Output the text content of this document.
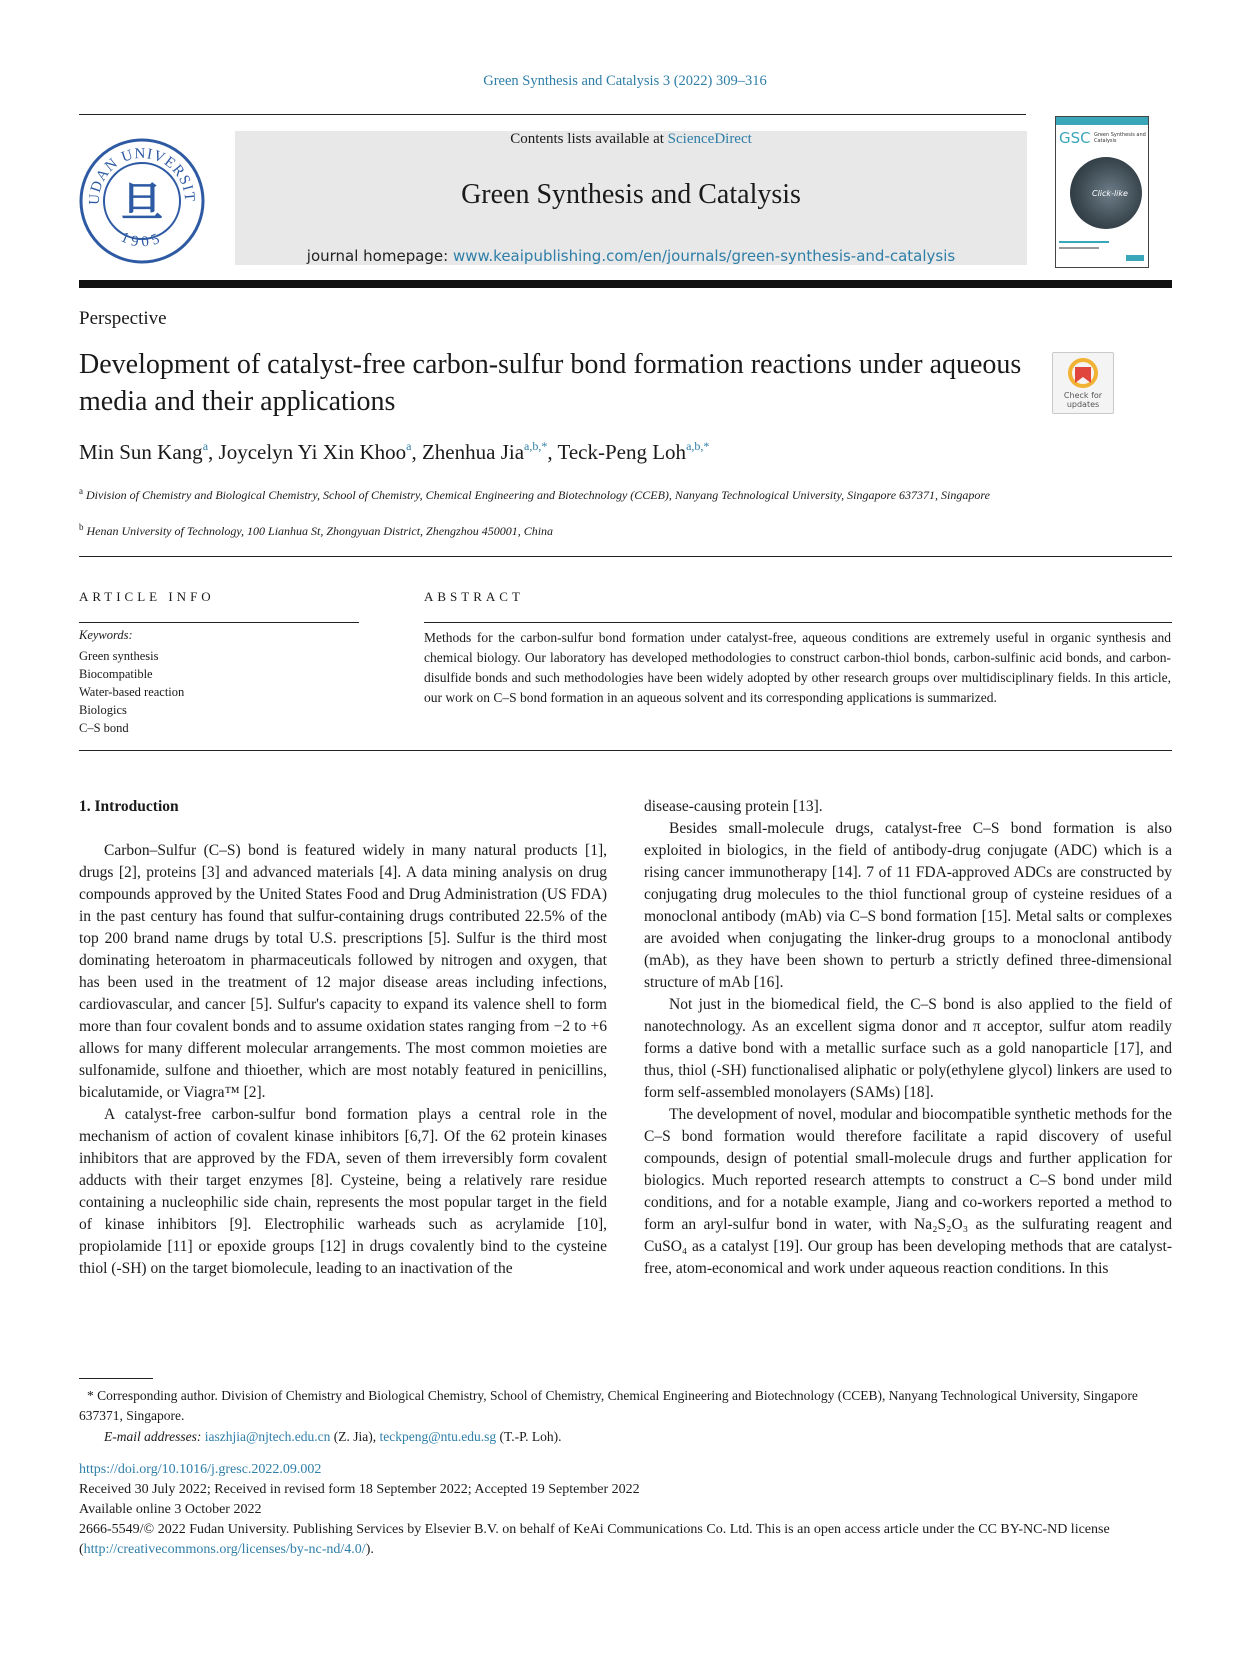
Green Synthesis and Catalysis 3 (2022) 309–316
UDAN UNIVERSIT
1905
旦
Contents lists available at ScienceDirect
Green Synthesis and Catalysis
journal homepage: www.keaipublishing.com/en/journals/green-synthesis-and-catalysis
GSC Green Synthesis and Catalysis
Click-like
Perspective
Development of catalyst-free carbon-sulfur bond formation reactions under aqueous media and their applications	Check for
updates
Min Sun Kang$^a$, Joycelyn Yi Xin Khoo$^a$, Zhenhua Jia$^{a,b,*}$, Teck-Peng Loh$^{a,b,*}$
$^a$ Division of Chemistry and Biological Chemistry, School of Chemistry, Chemical Engineering and Biotechnology (CCEB), Nanyang Technological University, Singapore 637371, Singapore
$^b$ Henan University of Technology, 100 Lianhua St, Zhongyuan District, Zhengzhou 450001, China
ARTICLE INFO	ABSTRACT
Keywords:
Green synthesis
Biocompatible
Water-based reaction
Biologics
C–S bond

Methods for the carbon-sulfur bond formation under catalyst-free, aqueous conditions are extremely useful in organic synthesis and chemical biology. Our laboratory has developed methodologies to construct carbon-thiol bonds, carbon-sulfinic acid bonds, and carbon-disulfide bonds and such methodologies have been widely adopted by other research groups over multidisciplinary fields. In this article, our work on C–S bond formation in an aqueous solvent and its corresponding applications is summarized.

1. Introduction

Carbon–Sulfur (C–S) bond is featured widely in many natural products [1], drugs [2], proteins [3] and advanced materials [4]. A data mining analysis on drug compounds approved by the United States Food and Drug Administration (US FDA) in the past century has found that sulfur-containing drugs contributed 22.5% of the top 200 brand name drugs by total U.S. prescriptions [5]. Sulfur is the third most dominating heteroatom in pharmaceuticals followed by nitrogen and oxygen, that has been used in the treatment of 12 major disease areas including infections, cardiovascular, and cancer [5]. Sulfur's capacity to expand its valence shell to form more than four covalent bonds and to assume oxidation states ranging from −2 to +6 allows for many different molecular arrangements. The most common moieties are sulfonamide, sulfone and thioether, which are most notably featured in penicillins, bicalutamide, or Viagra™ [2].

A catalyst-free carbon-sulfur bond formation plays a central role in the mechanism of action of covalent kinase inhibitors [6,7]. Of the 62 protein kinases inhibitors that are approved by the FDA, seven of them irreversibly form covalent adducts with their target enzymes [8]. Cysteine, being a relatively rare residue containing a nucleophilic side chain, represents the most popular target in the field of kinase inhibitors [9]. Electrophilic warheads such as acrylamide [10], propiolamide [11] or epoxide groups [12] in drugs covalently bind to the cysteine thiol (-SH) on the target biomolecule, leading to an inactivation of the

disease-causing protein [13].

Besides small-molecule drugs, catalyst-free C–S bond formation is also exploited in biologics, in the field of antibody-drug conjugate (ADC) which is a rising cancer immunotherapy [14]. 7 of 11 FDA-approved ADCs are constructed by conjugating drug molecules to the thiol functional group of cysteine residues of a monoclonal antibody (mAb) via C–S bond formation [15]. Metal salts or complexes are avoided when conjugating the linker-drug groups to a monoclonal antibody (mAb), as they have been shown to perturb a strictly defined three-dimensional structure of mAb [16].

Not just in the biomedical field, the C–S bond is also applied to the field of nanotechnology. As an excellent sigma donor and π acceptor, sulfur atom readily forms a dative bond with a metallic surface such as a gold nanoparticle [17], and thus, thiol (-SH) functionalised aliphatic or poly(ethylene glycol) linkers are used to form self-assembled monolayers (SAMs) [18].

The development of novel, modular and biocompatible synthetic methods for the C–S bond formation would therefore facilitate a rapid discovery of useful compounds, design of potential small-molecule drugs and further application for biologics. Much reported research attempts to construct a C–S bond under mild conditions, and for a notable example, Jiang and co-workers reported a method to form an aryl-sulfur bond in water, with Na₂S₂O₃ as the sulfurating reagent and CuSO₄ as a catalyst [19]. Our group has been developing methods that are catalyst-free, atom-economical and work under aqueous reaction conditions. In this

* Corresponding author. Division of Chemistry and Biological Chemistry, School of Chemistry, Chemical Engineering and Biotechnology (CCEB), Nanyang Technological University, Singapore 637371, Singapore.
E-mail addresses: iaszhjia@njtech.edu.cn (Z. Jia), teckpeng@ntu.edu.sg (T.-P. Loh).
https://doi.org/10.1016/j.gresc.2022.09.002
Received 30 July 2022; Received in revised form 18 September 2022; Accepted 19 September 2022
Available online 3 October 2022
2666-5549/© 2022 Fudan University. Publishing Services by Elsevier B.V. on behalf of KeAi Communications Co. Ltd. This is an open access article under the CC BY-NC-ND license (http://creativecommons.org/licenses/by-nc-nd/4.0/).
